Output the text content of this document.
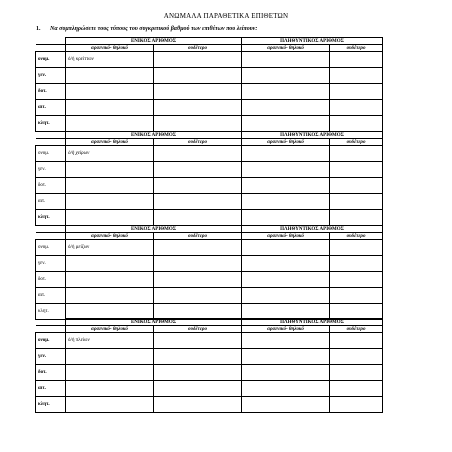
ΑΝΩΜΑΛΑ ΠΑΡΑΘΕΤΙΚΑ ΕΠΙΘΕΤΩΝ
1. Να συμπληρώσετε τους τύπους του συγκριτικού βαθμού των επιθέτων που λείπουν:
	ΕΝΙΚΟΣ ΑΡΙΘΜΟΣ		ΠΛΗΘΥΝΤΙΚΟΣ ΑΡΙΘΜΟΣ	
	αρσενικό- θηλυκό	ουδέτερο	αρσενικό- θηλυκό	ουδέτερο
ονομ.	ὁ/ἡ κρείττων			
γεν.				
δοτ.				
αιτ.				
κλητ.				
	ΕΝΙΚΟΣ ΑΡΙΘΜΟΣ		ΠΛΗΘΥΝΤΙΚΟΣ ΑΡΙΘΜΟΣ	
	αρσενικό- θηλυκό	ουδέτερο	αρσενικό- θηλυκό	ουδέτερο
ονομ.	ὁ/ἡ χείρων			
γεν.				
δοτ.				
αιτ.				
κλητ.				
	ΕΝΙΚΟΣ ΑΡΙΘΜΟΣ		ΠΛΗΘΥΝΤΙΚΟΣ ΑΡΙΘΜΟΣ	
	αρσενικό- θηλυκό	ουδέτερο	αρσενικό- θηλυκό	ουδέτερο
ονομ.	ὁ/ἡ μείζων			
γεν.				
δοτ.				
αιτ.				
κλητ.				
	ΕΝΙΚΟΣ ΑΡΙΘΜΟΣ		ΠΛΗΘΥΝΤΙΚΟΣ ΑΡΙΘΜΟΣ	
	αρσενικό- θηλυκό	ουδέτερο	αρσενικό- θηλυκό	ουδέτερο
ονομ.	ὁ/ἡ πλείων			
γεν.				
δοτ.				
αιτ.				
κλητ.				
